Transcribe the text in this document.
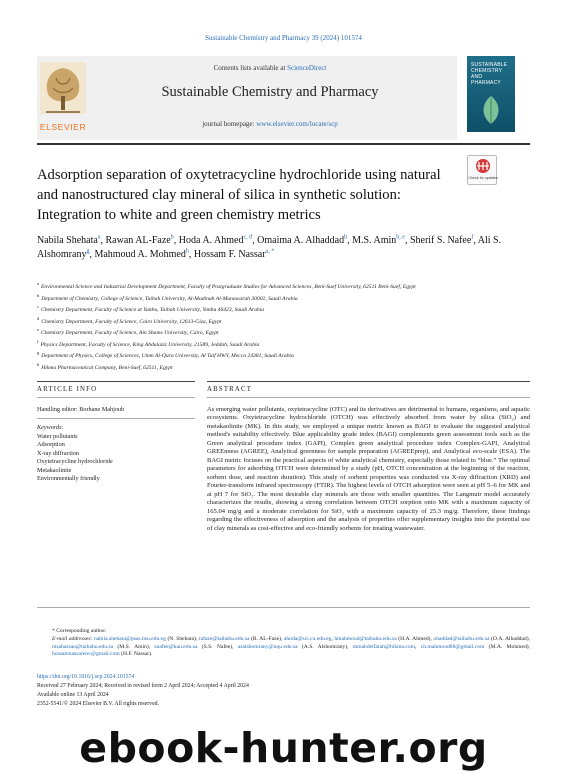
Sustainable Chemistry and Pharmacy 39 (2024) 101574
ELSEVIER
Contents lists available at ScienceDirect
Sustainable Chemistry and Pharmacy
journal homepage: www.elsevier.com/locate/scp
SUSTAINABLE CHEMISTRY AND PHARMACY
Check for updates
Adsorption separation of oxytetracycline hydrochloride using natural and nanostructured clay mineral of silica in synthetic solution: Integration to white and green chemistry metrics
Nabila Shehata$^a$, Rawan AL-Faze$^b$, Hoda A. Ahmed$^{c, d}$, Omaima A. Alhaddad$^b$, M.S. Amin$^{b, e}$, Sherif S. Nafee$^f$, Ali S. Alshomrany$^g$, Mahmoud A. Mohmed$^h$, Hossam F. Nassar$^{a, *}$
$^a$Environmental Science and Industrial Development Department, Faculty of Postgraduate Studies for Advanced Sciences, Beni-Suef University, 62511 Beni-Suef, Egypt
$^b$Department of Chemistry, College of Science, Taibah University, Al-Madinah Al-Munawarah 30002, Saudi Arabia
$^c$Chemistry Department, Faculty of Science at Yanbu, Taibah University, Yanbu 46423, Saudi Arabia
$^d$Chemistry Department, Faculty of Science, Cairo University, 12613-Giza, Egypt
$^e$Chemistry Department, Faculty of Science, Ain Shams University, Cairo, Egypt
$^f$Physics Department, Faculty of Science, King Abdulaziz University, 21589, Jeddah, Saudi Arabia
$^g$Department of Physics, College of Sciences, Umm Al-Qura University, Al Taif HWY, Mecca 24381, Saudi Arabia
$^h$Hikma Pharmaceutical Company, Beni-Suef, 62511, Egypt
ARTICLE INFO
Handling editor: Borhane Mahjoub
Keywords:
Water pollutants
Adsorption
X-ray diffraction
Oxytetracycline hydrochloride
Metakaolinite
Environmentally friendly
ABSTRACT
As emerging water pollutants, oxytetracycline (OTC) and its derivatives are detrimental to humans, organisms, and aquatic ecosystems. Oxytetracycline hydrochloride (OTCH) was effectively absorbed from water by silica (SiO₂) and metakaolinite (MK). In this study, we employed a unique metric known as BAGI to evaluate the suggested analytical method's suitability effectively. Blue applicability grade index (BAGI) complements green assessment tools such as the Green analytical procedure index (GAPI), Complex green analytical procedure index Complex-GAPI, Analytical GREEnness (AGREE), Analytical greenness for sample preparation (AGREEprep), and Analytical eco-scale (ESA). The BAGI metric focuses on the practical aspects of white analytical chemistry, especially those related to “blue.” The optimal parameters for adsorbing OTCH were determined by a study (pH, OTCH concentration at the beginning of the reaction, sorbent dose, and reaction duration). This study of sorbent properties was conducted via X-ray diffraction (XRD) and Fourier-transform infrared spectroscopy (FTIR). The highest levels of OTCH adsorption were seen at pH 5–6 for MK and at pH 7 for SiO₂. The most desirable clay minerals are those with smaller quantities. The Langmuir model accurately characterizes the results, showing a strong correlation between OTCH sorption onto MK with a maximum capacity of 165.04 mg/g and a moderate correlation for SiO₂ with a maximum capacity of 25.3 mg/g. Therefore, these findings regarding the effectiveness of adsorption and the analysis of properties offer supplementary insights into the potential use of clay minerals as cost-effective and eco-friendly sorbents for treating wastewater.
* Corresponding author.
E-mail addresses: nabila.shehata@psas.bsu.edu.eg (N. Shehata), rafaze@taibahu.edu.sa (R. AL-Faze), ahoda@sci.cu.edu.eg, hmahmoud@taibahu.edu.sa (H.A. Ahmed), ohaddad@taibahu.edu.sa (O.A. Alhaddad), msahassan@taibahu.edu.sa (M.S. Amin), snafee@kau.edu.sa (S.S. Nafee), asalshomrany@uqu.edu.sa (A.S. Alshomrany), mmabdelfatah@hikma.com, ch.mahmoud88@gmail.com (M.A. Mohmed), hossamnassarenv@gmail.com (H.F. Nassar).
https://doi.org/10.1016/j.scp.2024.101574
Received 27 February 2024; Received in revised form 2 April 2024; Accepted 4 April 2024
Available online 13 April 2024
2352-5541/© 2024 Elsevier B.V. All rights reserved.
ebook-hunter.org
